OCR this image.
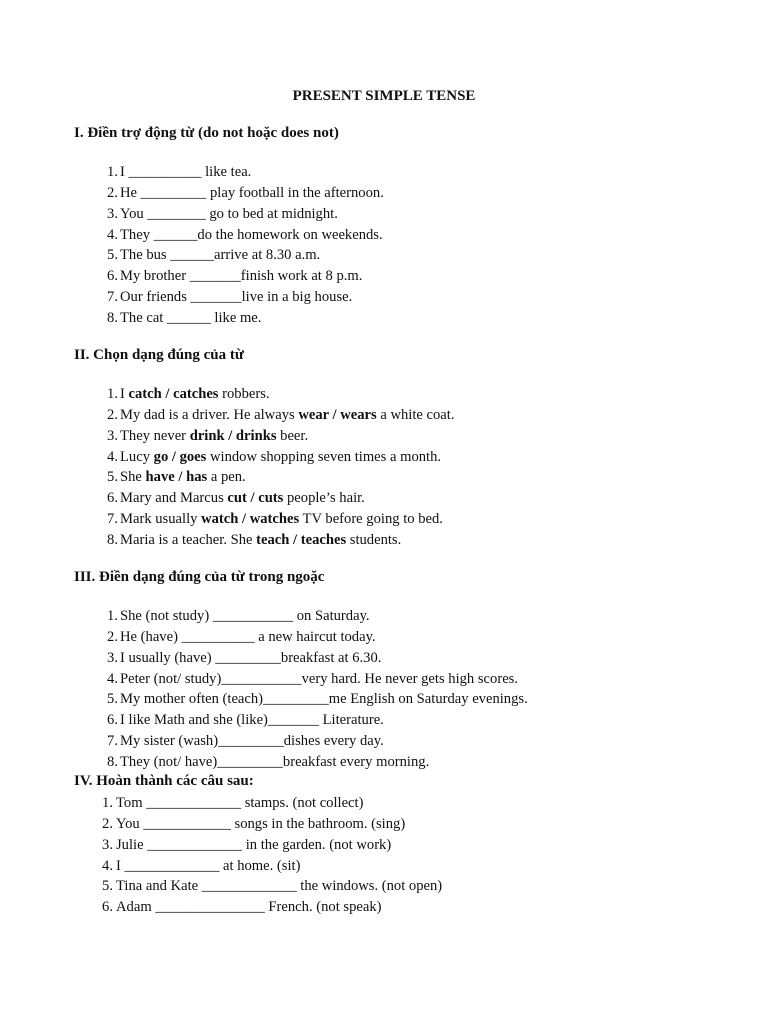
PRESENT SIMPLE TENSE
I. Điền trợ động từ (do not hoặc does not)
1. I __________ like tea.
2. He _________ play football in the afternoon.
3. You ________ go to bed at midnight.
4. They ______do the homework on weekends.
5. The bus ______arrive at 8.30 a.m.
6. My brother _______finish work at 8 p.m.
7. Our friends _______live in a big house.
8. The cat ______ like me.
II. Chọn dạng đúng của từ
1. I catch / catches robbers.
2. My dad is a driver. He always wear / wears a white coat.
3. They never drink / drinks beer.
4. Lucy go / goes window shopping seven times a month.
5. She have / has a pen.
6. Mary and Marcus cut / cuts people’s hair.
7. Mark usually watch / watches TV before going to bed.
8. Maria is a teacher. She teach / teaches students.
III. Điền dạng đúng của từ trong ngoặc
1. She (not study) ___________ on Saturday.
2. He (have) __________ a new haircut today.
3. I usually (have) _________breakfast at 6.30.
4. Peter (not/ study)___________very hard. He never gets high scores.
5. My mother often (teach)_________me English on Saturday evenings.
6. I like Math and she (like)_______ Literature.
7. My sister (wash)_________dishes every day.
8. They (not/ have)_________breakfast every morning.
IV. Hoàn thành các câu sau:
1. Tom _____________ stamps. (not collect)
2. You ____________ songs in the bathroom. (sing)
3. Julie _____________ in the garden. (not work)
4. I _____________ at home. (sit)
5. Tina and Kate _____________ the windows. (not open)
6. Adam _______________ French. (not speak)
